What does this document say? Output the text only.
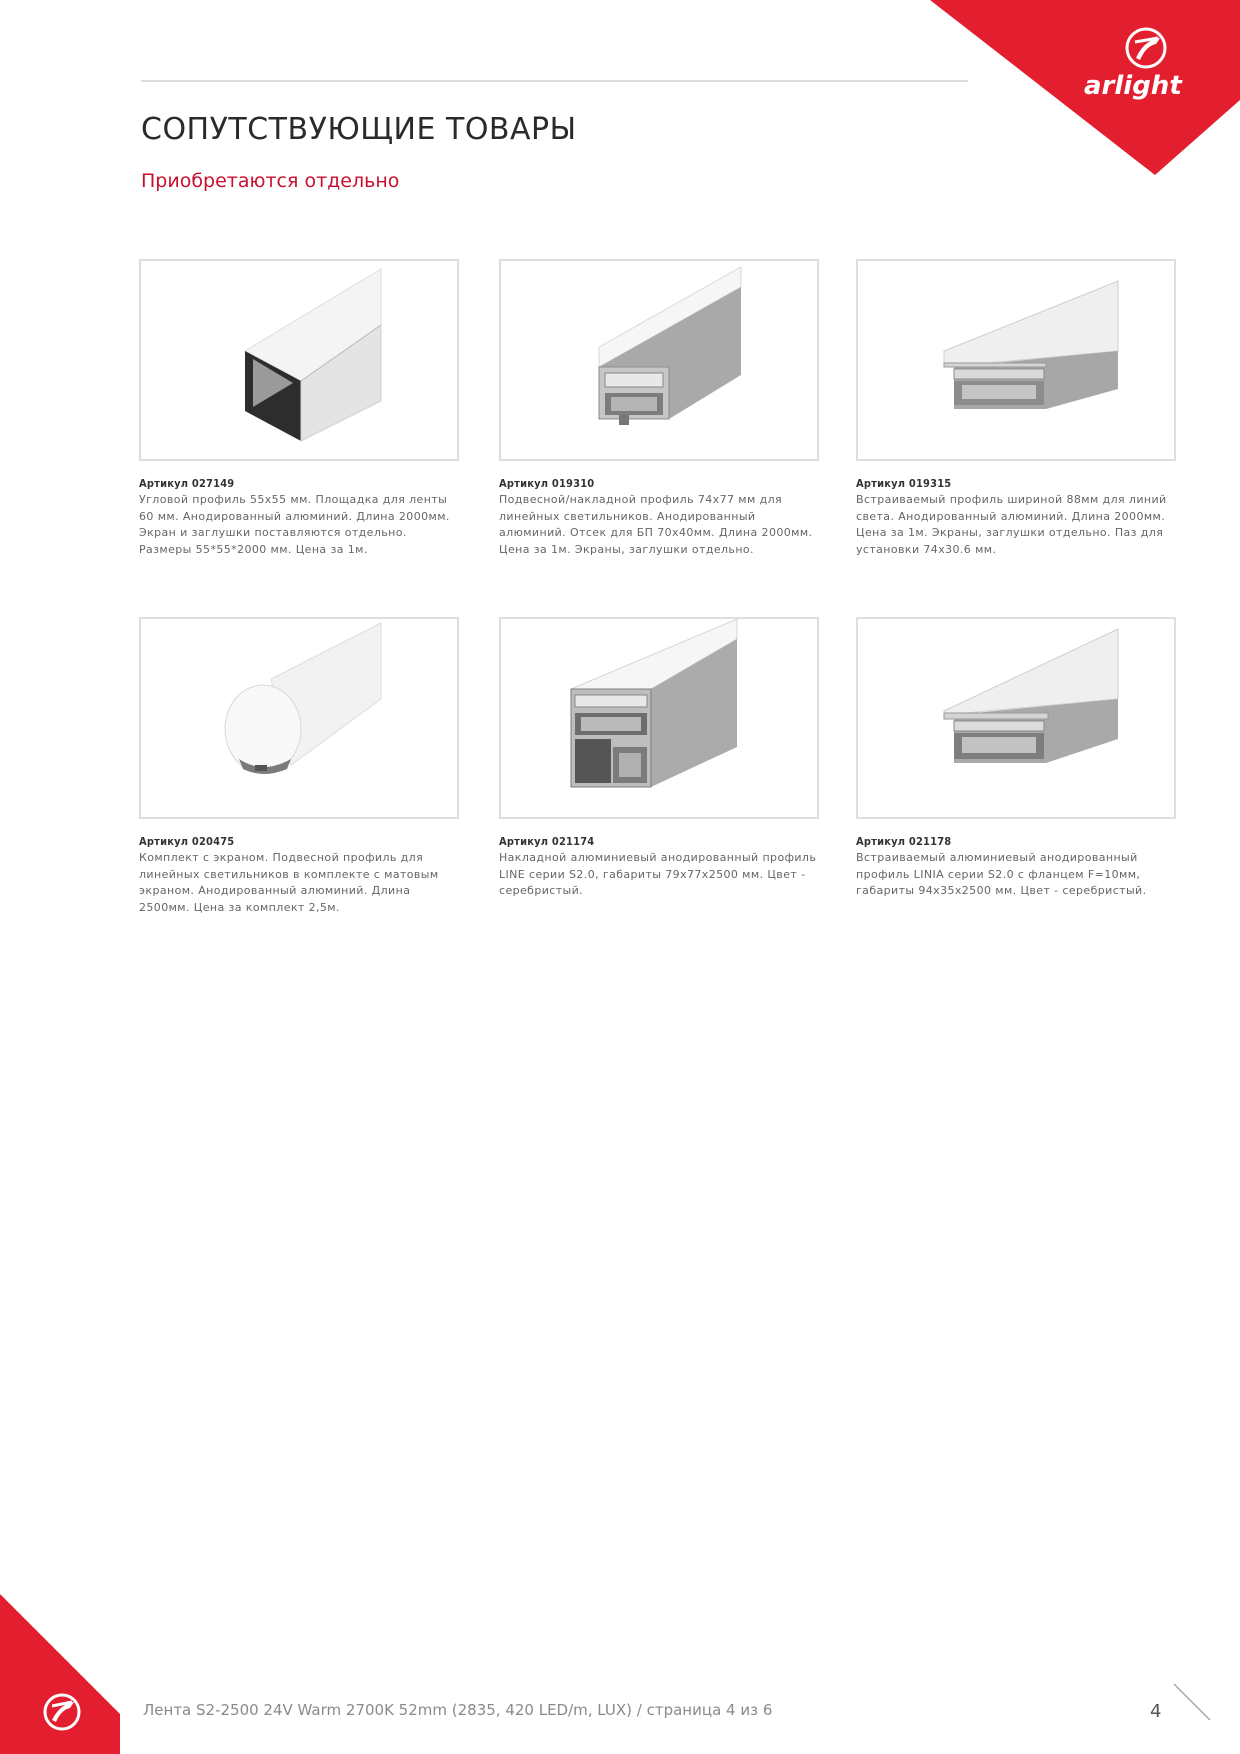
arlight
СОПУТСТВУЮЩИЕ ТОВАРЫ

Приобретаются отдельно

Артикул 027149
Угловой профиль 55x55 мм. Площадка для ленты 60 мм. Анодированный алюминий. Длина 2000мм. Экран и заглушки поставляются отдельно. Размеры 55*55*2000 мм. Цена за 1м.
Артикул 019310
Подвесной/накладной профиль 74x77 мм для линейных светильников. Анодированный алюминий. Отсек для БП 70x40мм. Длина 2000мм. Цена за 1м. Экраны, заглушки отдельно.
Артикул 019315
Встраиваемый профиль шириной 88мм для линий света. Анодированный алюминий. Длина 2000мм. Цена за 1м. Экраны, заглушки отдельно. Паз для установки 74x30.6 мм.
Артикул 020475
Комплект с экраном. Подвесной профиль для линейных светильников в комплекте с матовым экраном. Анодированный алюминий. Длина 2500мм. Цена за комплект 2,5м.
Артикул 021174
Накладной алюминиевый анодированный профиль LINE серии S2.0, габариты 79x77x2500 мм. Цвет - серебристый.
Артикул 021178
Встраиваемый алюминиевый анодированный профиль LINIA серии S2.0 с фланцем F=10мм, габариты 94x35x2500 мм. Цвет - серебристый.
Лента S2-2500 24V Warm 2700K 52mm (2835, 420 LED/m, LUX) / страница 4 из 6	4
